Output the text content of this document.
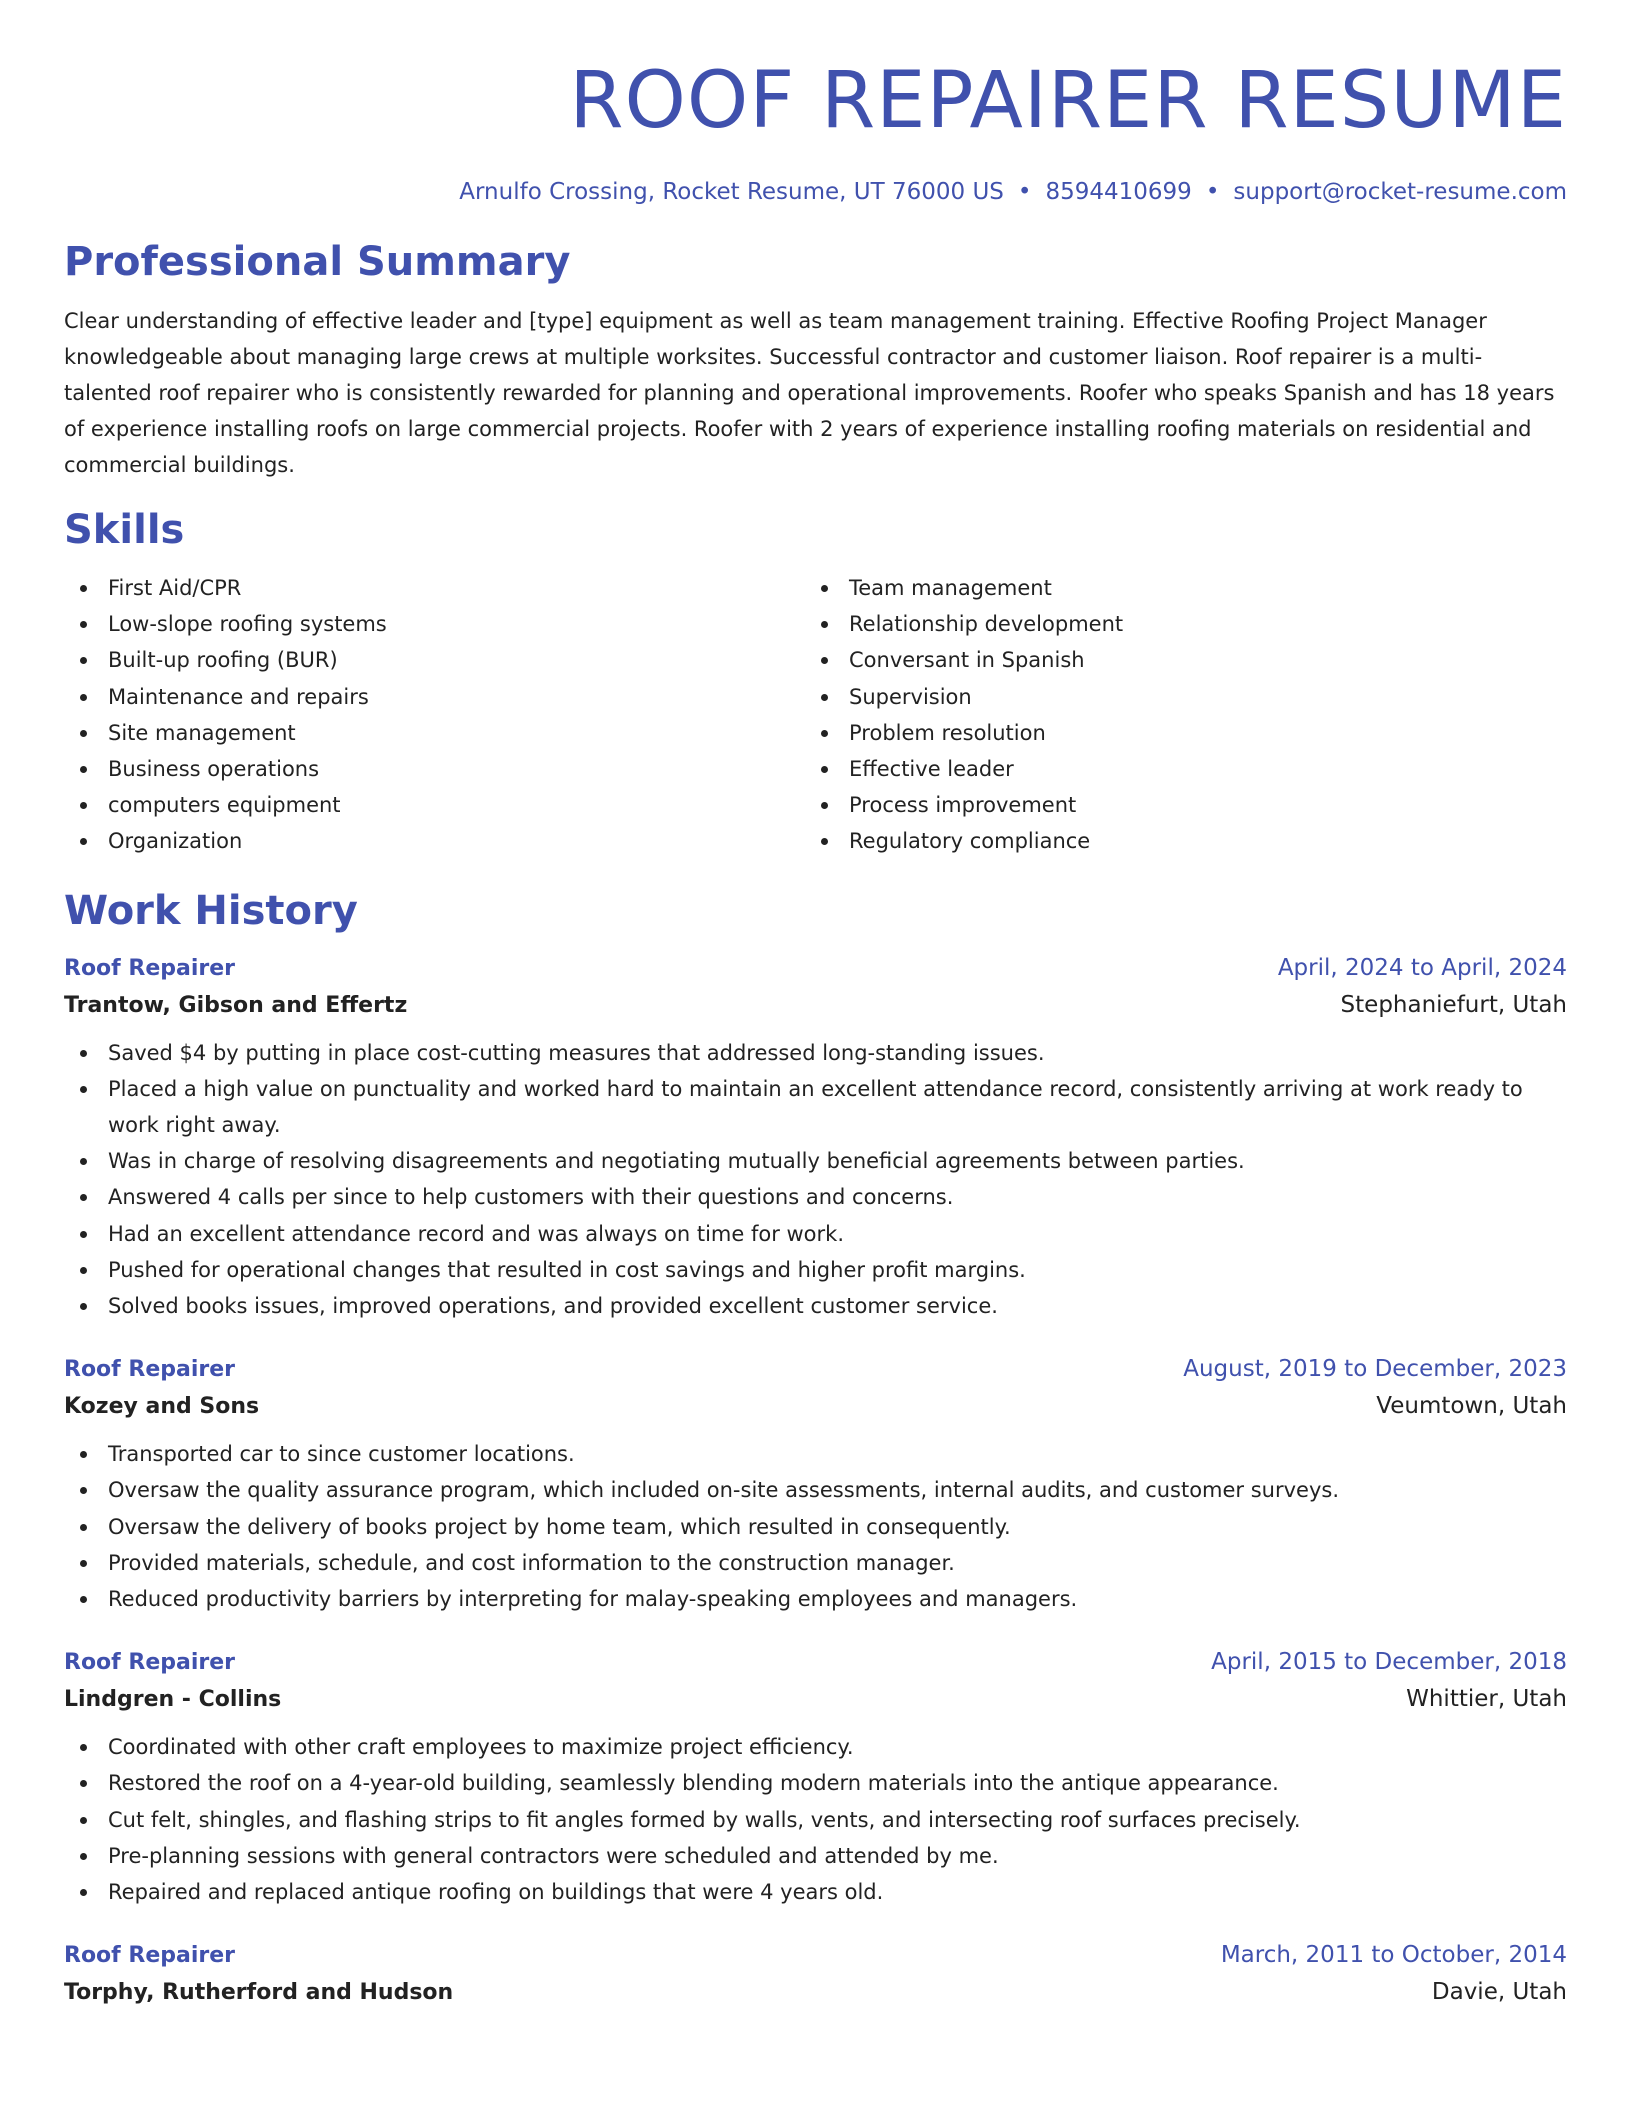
ROOF REPAIRER RESUME
Arnulfo Crossing, Rocket Resume, UT 76000 US • 8594410699 • support@rocket-resume.com
Professional Summary
Clear understanding of effective leader and [type] equipment as well as team management training. Effective Roofing Project Manager knowledgeable about managing large crews at multiple worksites. Successful contractor and customer liaison. Roof repairer is a multi-talented roof repairer who is consistently rewarded for planning and operational improvements. Roofer who speaks Spanish and has 18 years of experience installing roofs on large commercial projects. Roofer with 2 years of experience installing roofing materials on residential and commercial buildings.
Skills
First Aid/CPR
Low-slope roofing systems
Built-up roofing (BUR)
Maintenance and repairs
Site management
Business operations
computers equipment
Organization
Team management
Relationship development
Conversant in Spanish
Supervision
Problem resolution
Effective leader
Process improvement
Regulatory compliance
Work History
Roof Repairer	April, 2024 to April, 2024
Trantow, Gibson and Effertz	Stephaniefurt, Utah
Saved $4 by putting in place cost-cutting measures that addressed long-standing issues.
Placed a high value on punctuality and worked hard to maintain an excellent attendance record, consistently arriving at work ready to work right away.
Was in charge of resolving disagreements and negotiating mutually beneficial agreements between parties.
Answered 4 calls per since to help customers with their questions and concerns.
Had an excellent attendance record and was always on time for work.
Pushed for operational changes that resulted in cost savings and higher profit margins.
Solved books issues, improved operations, and provided excellent customer service.
Roof Repairer	August, 2019 to December, 2023
Kozey and Sons	Veumtown, Utah
Transported car to since customer locations.
Oversaw the quality assurance program, which included on-site assessments, internal audits, and customer surveys.
Oversaw the delivery of books project by home team, which resulted in consequently.
Provided materials, schedule, and cost information to the construction manager.
Reduced productivity barriers by interpreting for malay-speaking employees and managers.
Roof Repairer	April, 2015 to December, 2018
Lindgren - Collins	Whittier, Utah
Coordinated with other craft employees to maximize project efficiency.
Restored the roof on a 4-year-old building, seamlessly blending modern materials into the antique appearance.
Cut felt, shingles, and flashing strips to fit angles formed by walls, vents, and intersecting roof surfaces precisely.
Pre-planning sessions with general contractors were scheduled and attended by me.
Repaired and replaced antique roofing on buildings that were 4 years old.
Roof Repairer	March, 2011 to October, 2014
Torphy, Rutherford and Hudson	Davie, Utah
